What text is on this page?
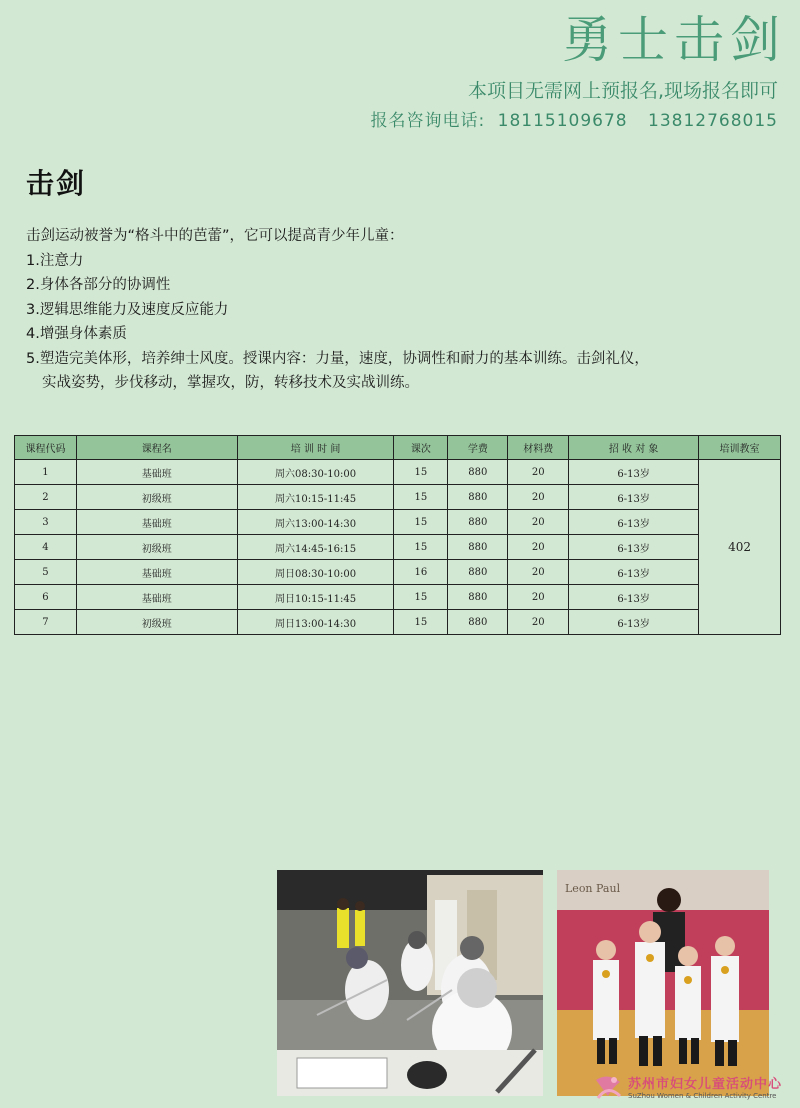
勇士击剑
本项目无需网上预报名,现场报名即可
报名咨询电话: 18115109678 13812768015
击剑
击剑运动被誉为“格斗中的芭蕾”，它可以提高青少年儿童：
1.注意力
2.身体各部分的协调性
3.逻辑思维能力及速度反应能力
4.增强身体素质
5.塑造完美体形，培养绅士风度。授课内容：力量，速度，协调性和耐力的基本训练。击剑礼仪，
实战姿势，步伐移动，掌握攻，防，转移技术及实战训练。
课程代码	课程名	培 训 时 间	课次	学费	材料费	招 收 对 象	培训教室
1	基础班	周六08:30-10:00	15	880	20	6-13岁	402
2	初级班	周六10:15-11:45	15	880	20	6-13岁	
3	基础班	周六13:00-14:30	15	880	20	6-13岁	
4	初级班	周六14:45-16:15	15	880	20	6-13岁	
5	基础班	周日08:30-10:00	16	880	20	6-13岁	
6	基础班	周日10:15-11:45	15	880	20	6-13岁	
7	初级班	周日13:00-14:30	15	880	20	6-13岁	
Leon Paul
苏州市妇女儿童活动中心
SuZhou Women & Children Activity Centre
